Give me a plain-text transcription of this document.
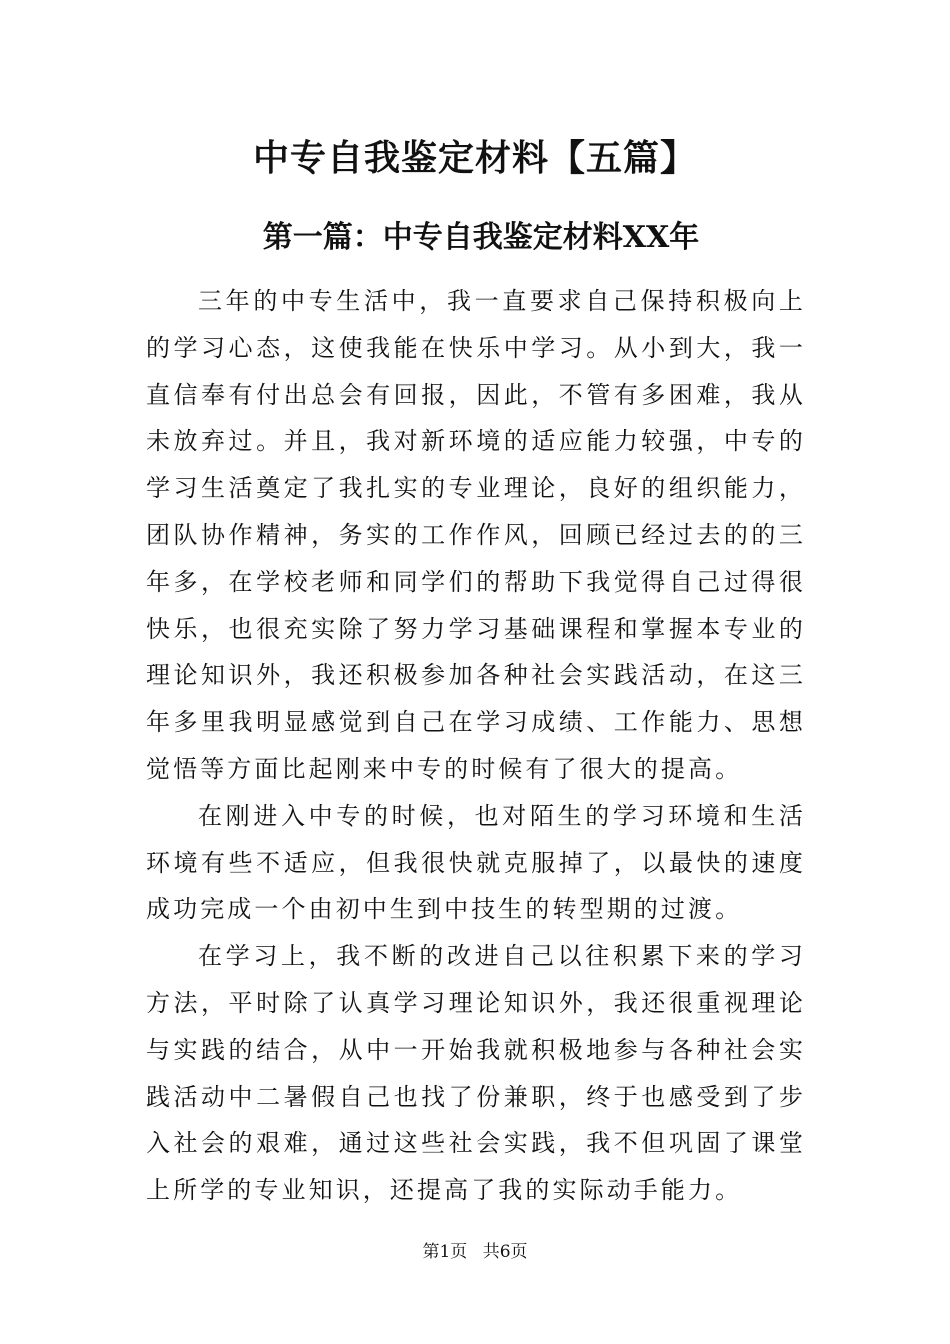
中专自我鉴定材料【五篇】
第一篇：中专自我鉴定材料XX年

三年的中专生活中，我一直要求自己保持积极向上的学习心态，这使我能在快乐中学习。从小到大，我一直信奉有付出总会有回报，因此，不管有多困难，我从未放弃过。并且，我对新环境的适应能力较强，中专的学习生活奠定了我扎实的专业理论，良好的组织能力，团队协作精神，务实的工作作风，回顾已经过去的的三年多，在学校老师和同学们的帮助下我觉得自己过得很快乐，也很充实除了努力学习基础课程和掌握本专业的理论知识外，我还积极参加各种社会实践活动，在这三年多里我明显感觉到自己在学习成绩、工作能力、思想觉悟等方面比起刚来中专的时候有了很大的提高。

在刚进入中专的时候，也对陌生的学习环境和生活环境有些不适应，但我很快就克服掉了，以最快的速度成功完成一个由初中生到中技生的转型期的过渡。

在学习上，我不断的改进自己以往积累下来的学习方法，平时除了认真学习理论知识外，我还很重视理论与实践的结合，从中一开始我就积极地参与各种社会实践活动中二暑假自己也找了份兼职，终于也感受到了步入社会的艰难，通过这些社会实践，我不但巩固了课堂上所学的专业知识，还提高了我的实际动手能力。

第1页 共6页
